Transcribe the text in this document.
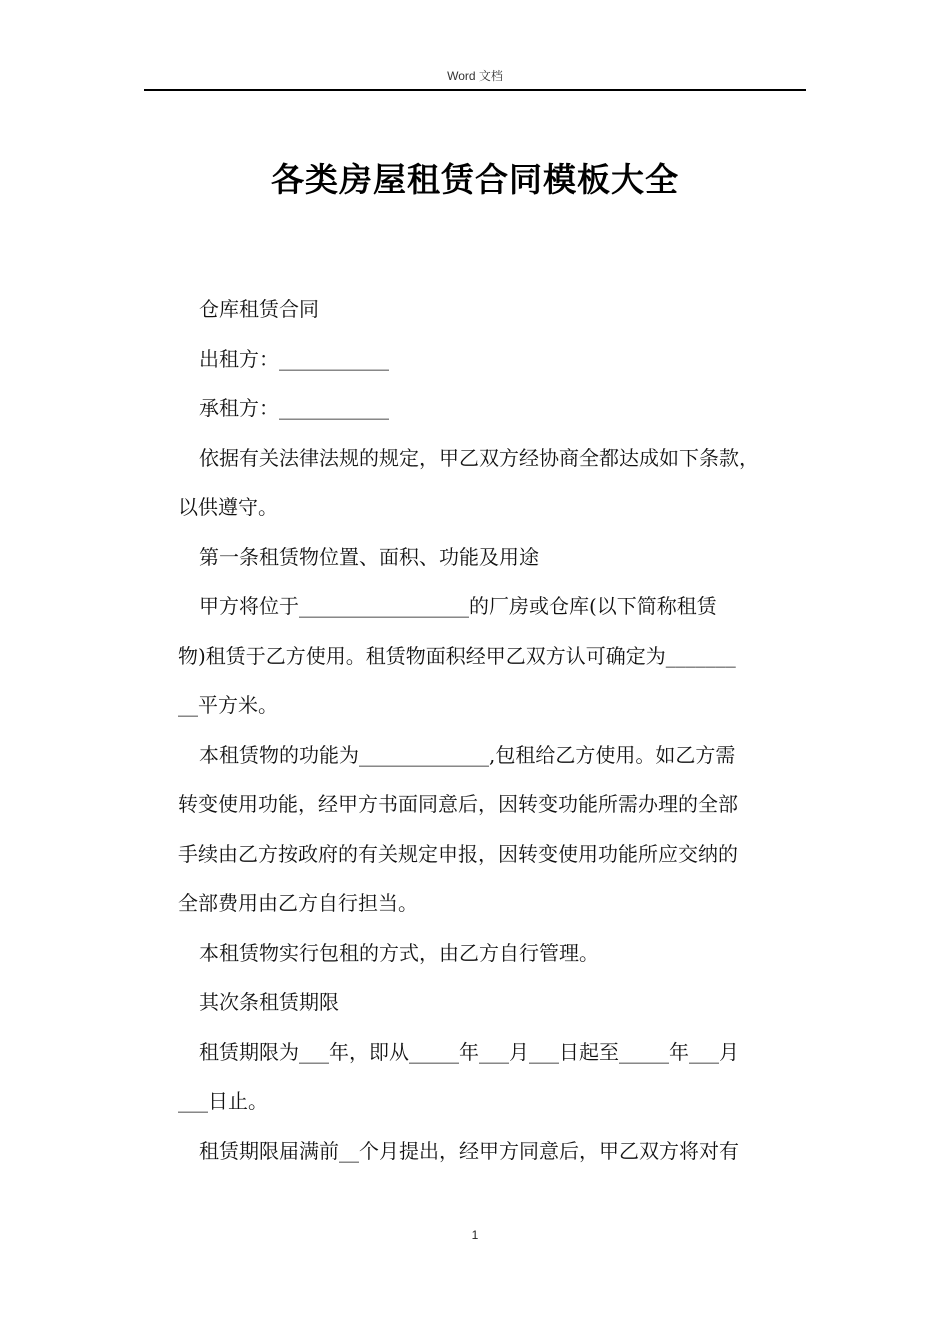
Word 文档
各类房屋租赁合同模板大全

仓库租赁合同

出租方：___________

承租方：___________

依据有关法律法规的规定，甲乙双方经协商全都达成如下条款，

以供遵守。

第一条租赁物位置、面积、功能及用途

甲方将位于_________________的厂房或仓库(以下简称租赁

物)租赁于乙方使用。租赁物面积经甲乙双方认可确定为_______

__平方米。

本租赁物的功能为_____________,包租给乙方使用。如乙方需

转变使用功能，经甲方书面同意后，因转变功能所需办理的全部

手续由乙方按政府的有关规定申报，因转变使用功能所应交纳的

全部费用由乙方自行担当。

本租赁物实行包租的方式，由乙方自行管理。

其次条租赁期限

租赁期限为___年，即从_____年___月___日起至_____年___月

___日止。

租赁期限届满前__个月提出，经甲方同意后，甲乙双方将对有

1
